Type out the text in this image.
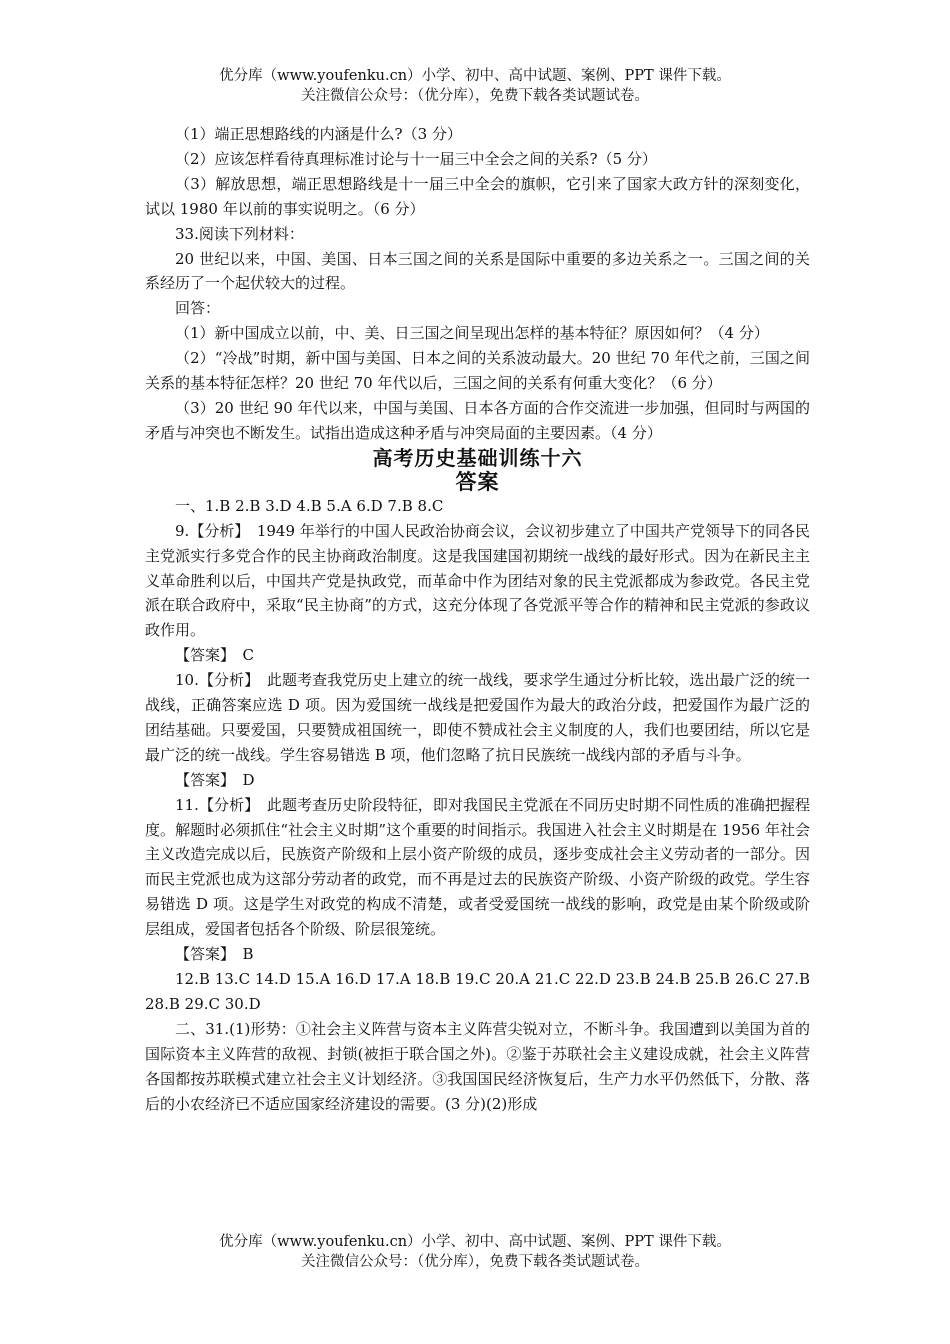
优分库（www.youfenku.cn）小学、初中、高中试题、案例、PPT 课件下载。
关注微信公众号：（优分库），免费下载各类试题试卷。

（1）端正思想路线的内涵是什么?（3 分）

（2）应该怎样看待真理标准讨论与十一届三中全会之间的关系?（5 分）

（3）解放思想，端正思想路线是十一届三中全会的旗帜，它引来了国家大政方针的深刻变化，试以 1980 年以前的事实说明之。（6 分）

33.阅读下列材料：

20 世纪以来，中国、美国、日本三国之间的关系是国际中重要的多边关系之一。三国之间的关系经历了一个起伏较大的过程。

回答：

（1）新中国成立以前，中、美、日三国之间呈现出怎样的基本特征？原因如何？（4 分）

（2）“冷战”时期，新中国与美国、日本之间的关系波动最大。20 世纪 70 年代之前，三国之间关系的基本特征怎样？20 世纪 70 年代以后，三国之间的关系有何重大变化？（6 分）

（3）20 世纪 90 年代以来，中国与美国、日本各方面的合作交流进一步加强，但同时与两国的矛盾与冲突也不断发生。试指出造成这种矛盾与冲突局面的主要因素。（4 分）

高考历史基础训练十六
答案

一、1.B 2.B 3.D 4.B 5.A 6.D 7.B 8.C

9.【分析】　1949 年举行的中国人民政治协商会议，会议初步建立了中国共产党领导下的同各民主党派实行多党合作的民主协商政治制度。这是我国建国初期统一战线的最好形式。因为在新民主主义革命胜利以后，中国共产党是执政党，而革命中作为团结对象的民主党派都成为参政党。各民主党派在联合政府中，采取“民主协商”的方式，这充分体现了各党派平等合作的精神和民主党派的参政议政作用。

【答案】　C

10.【分析】　此题考查我党历史上建立的统一战线，要求学生通过分析比较，选出最广泛的统一战线，正确答案应选 D 项。因为爱国统一战线是把爱国作为最大的政治分歧，把爱国作为最广泛的团结基础。只要爱国，只要赞成祖国统一，即使不赞成社会主义制度的人，我们也要团结，所以它是最广泛的统一战线。学生容易错选 B 项，他们忽略了抗日民族统一战线内部的矛盾与斗争。

【答案】　D

11.【分析】　此题考查历史阶段特征，即对我国民主党派在不同历史时期不同性质的准确把握程度。解题时必须抓住“社会主义时期”这个重要的时间指示。我国进入社会主义时期是在 1956 年社会主义改造完成以后，民族资产阶级和上层小资产阶级的成员，逐步变成社会主义劳动者的一部分。因而民主党派也成为这部分劳动者的政党，而不再是过去的民族资产阶级、小资产阶级的政党。学生容易错选 D 项。这是学生对政党的构成不清楚，或者受爱国统一战线的影响，政党是由某个阶级或阶层组成，爱国者包括各个阶级、阶层很笼统。

【答案】　B

12.B 13.C 14.D 15.A 16.D 17.A 18.B 19.C 20.A 21.C 22.D 23.B 24.B 25.B 26.C 27.B 28.B 29.C 30.D

二、31.(1)形势：①社会主义阵营与资本主义阵营尖锐对立，不断斗争。我国遭到以美国为首的国际资本主义阵营的敌视、封锁(被拒于联合国之外)。②鉴于苏联社会主义建设成就，社会主义阵营各国都按苏联模式建立社会主义计划经济。③我国国民经济恢复后，生产力水平仍然低下，分散、落后的小农经济已不适应国家经济建设的需要。(3 分)(2)形成

优分库（www.youfenku.cn）小学、初中、高中试题、案例、PPT 课件下载。
关注微信公众号：（优分库），免费下载各类试题试卷。
